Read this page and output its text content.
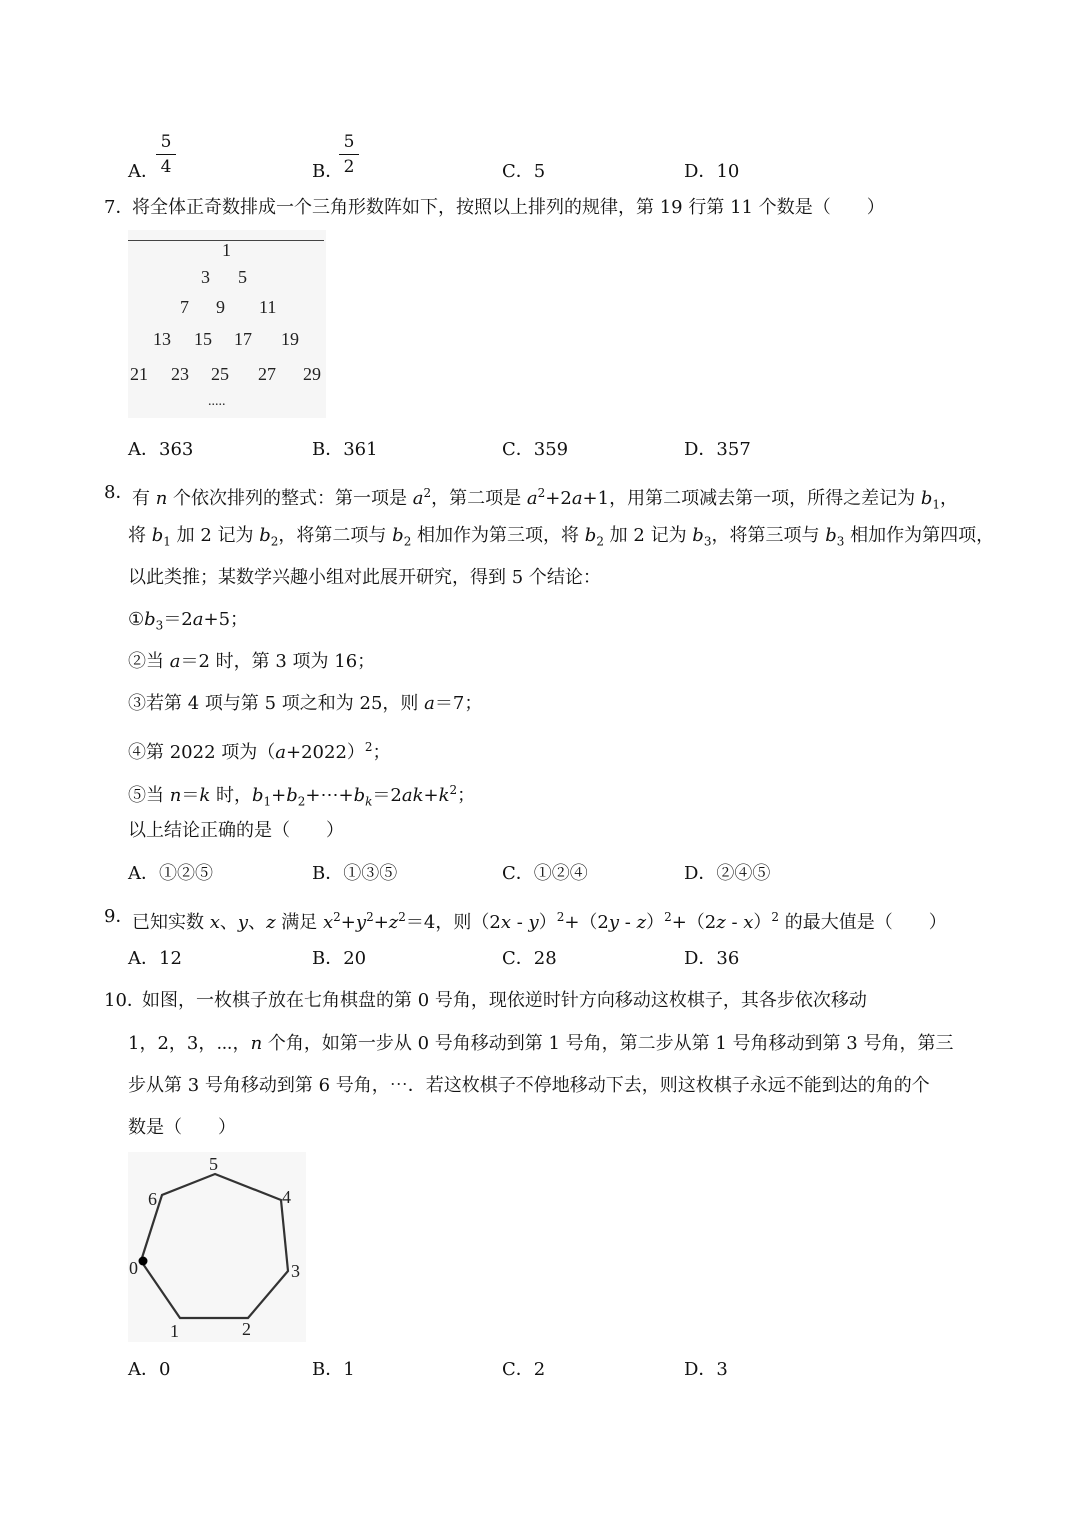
A．
5
4	B．
5
2	C．5	D．10
7．
将全体正奇数排成一个三角形数阵如下，按照以上排列的规律，第 19 行第 11 个数是（　　）
1
3 5
7 9 11
13 15 17 19
21 23 25 27 29
.....
A．363	B．361	C．359	D．357
8．
有 n 个依次排列的整式：第一项是 $a^2$，第二项是 $a^2+2a+1$，用第二项减去第一项，所得之差记为 $b_1$，
将 $b_1$ 加 2 记为 $b_2$，将第二项与 $b_2$ 相加作为第三项，将 $b_2$ 加 2 记为 $b_3$，将第三项与 $b_3$ 相加作为第四项，
以此类推；某数学兴趣小组对此展开研究，得到 5 个结论：
$①b_3=2a+5$；
②当 a＝2 时，第 3 项为 16；
③若第 4 项与第 5 项之和为 25，则 a＝7；
④第 2022 项为$(a+2022)^2$；
⑤当 n＝k 时，$b_1+b_2+\cdots+b_k=2ak+k^2$；
以上结论正确的是（　　）
A．①②⑤	B．①③⑤	C．①②④	D．②④⑤
9．
已知实数 x、y、z 满足 $x^2+y^2+z^2=4$，则（2x - y）$^2$+（2y - z）$^2$+（2z - x）$^2$ 的最大值是（　　）
A．12	B．20	C．28	D．36
10．
如图，一枚棋子放在七角棋盘的第 0 号角，现依逆时针方向移动这枚棋子，其各步依次移动
1，2，3，⋯，n 个角，如第一步从 0 号角移动到第 1 号角，第二步从第 1 号角移动到第 3 号角，第三
步从第 3 号角移动到第 6 号角，⋯．若这枚棋子不停地移动下去，则这枚棋子永远不能到达的角的个
数是（　　）
0
1	2
3
4
5
6
A．0	B．1	C．2	D．3
